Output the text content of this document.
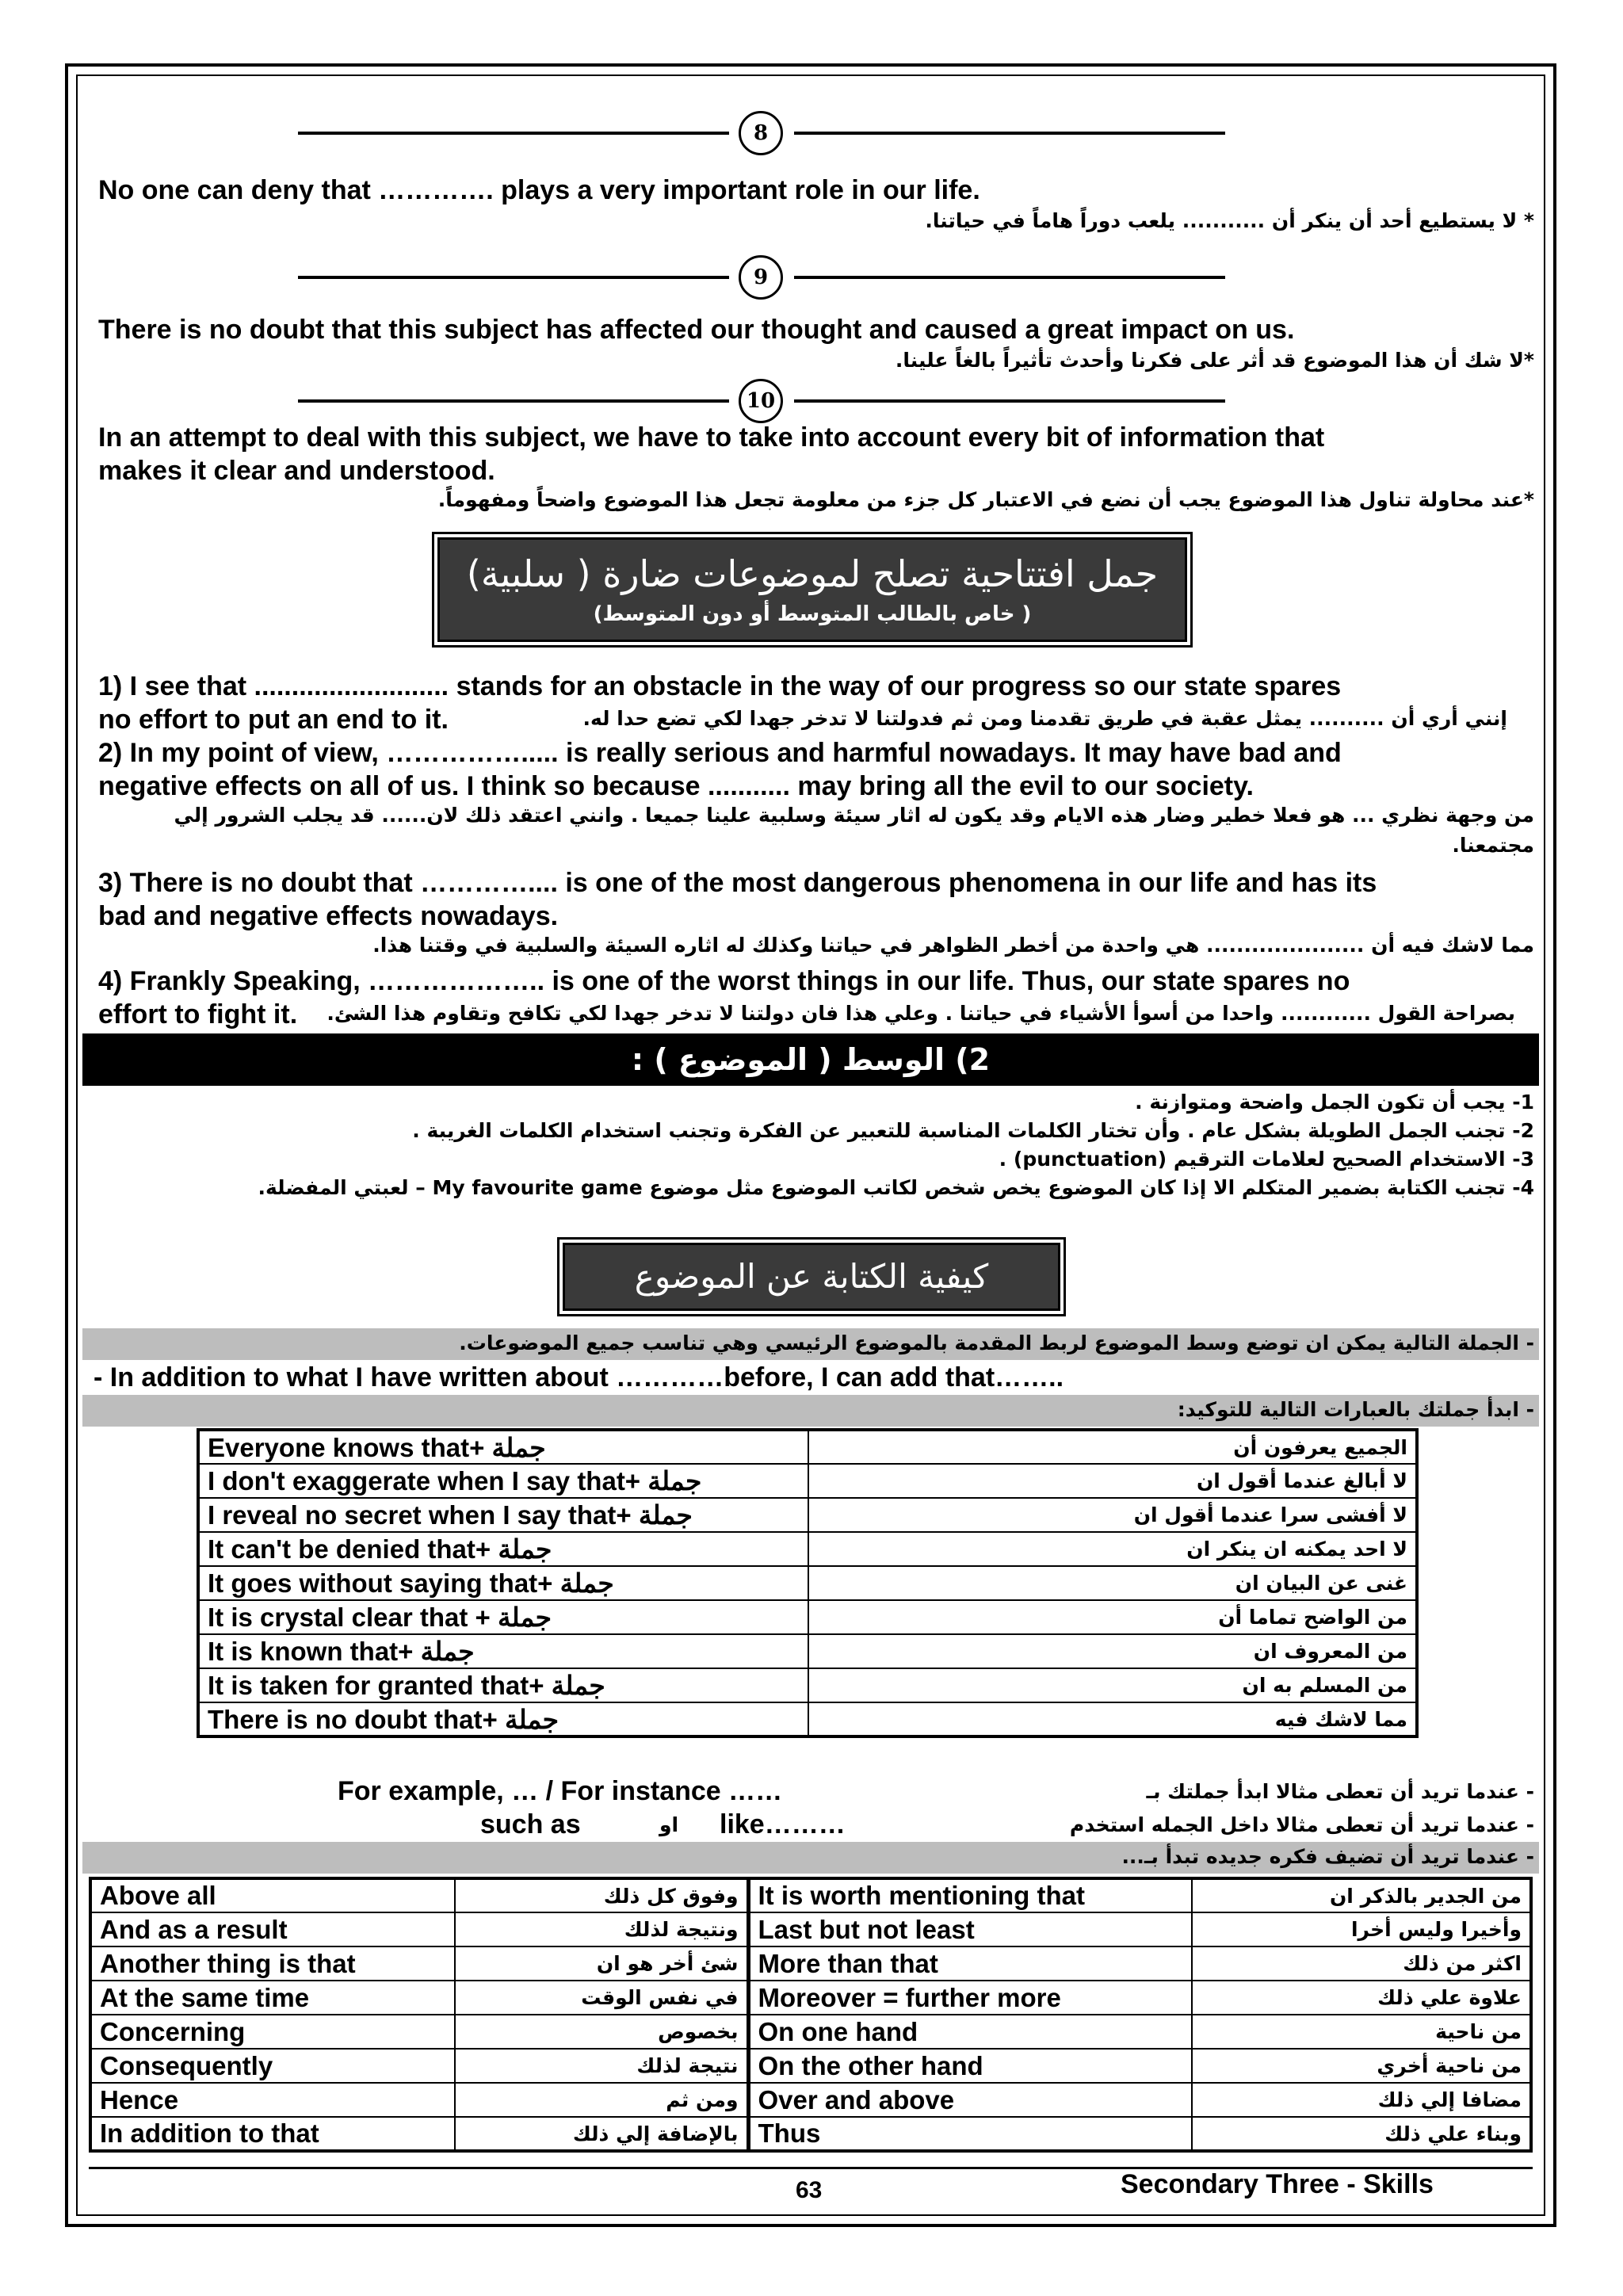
8
No one can deny that …………. plays a very important role in our life.
* لا يستطيع أحد أن ينكر أن ........... يلعب دوراً هاماً في حياتنا.
9
There is no doubt that this subject has affected our thought and caused a great impact on us.
*لا شك أن هذا الموضوع قد أثر على فكرنا وأحدث تأثيراً بالغاً علينا.
10
In an attempt to deal with this subject, we have to take into account every bit of information that
makes it clear and understood.
*عند محاولة تناول هذا الموضوع يجب أن نضع في الاعتبار كل جزء من معلومة تجعل هذا الموضوع واضحاً ومفهوماً.
جمل افتتاحية تصلح لموضوعات ضارة ( سلبية)
( خاص بالطالب المتوسط أو دون المتوسط)
1) I see that .......................... stands for an obstacle in the way of our progress so our state spares
no effort to put an end to it.	إنني أري أن .......... يمثل عقبة في طريق تقدمنا ومن ثم فدولتنا لا تدخر جهدا لكي تضع حدا له.
2) In my point of view, ……………..... is really serious and harmful nowadays. It may have bad and
negative effects on all of us. I think so because ........... may bring all the evil to our society.
من وجهة نظري ... هو فعلا خطير وضار هذه الايام وقد يكون له اثار سيئة وسلبية علينا جميعا . وانني اعتقد ذلك لان...... قد يجلب الشرور إلي
مجتمعنا.
3) There is no doubt that ………….... is one of the most dangerous phenomena in our life and has its
bad and negative effects nowadays.
مما لاشك فيه أن ..................... هي واحدة من أخطر الظواهر في حياتنا وكذلك له اثاره السيئة والسلبية في وقتنا هذا.
4) Frankly Speaking, ……………….. is one of the worst things in our life. Thus, our state spares no
effort to fight it. بصراحة القول ............ واحدا من أسوأ الأشياء في حياتنا . وعلي هذا فان دولتنا لا تدخر جهدا لكي تكافح وتقاوم هذا الشئ.
2) الوسط ( الموضوع ) :
1- يجب أن تكون الجمل واضحة ومتوازنة .
2- تجنب الجمل الطويلة بشكل عام . وأن تختار الكلمات المناسبة للتعبير عن الفكرة وتجنب استخدام الكلمات الغريبة .
3- الاستخدام الصحيح لعلامات الترقيم (punctuation) .
4- تجنب الكتابة بضمير المتكلم الا إذا كان الموضوع يخص شخص لكاتب الموضوع مثل موضوع My favourite game – لعبتي المفضلة.
كيفية الكتابة عن الموضوع
- الجملة التالية يمكن ان توضع وسط الموضوع لربط المقدمة بالموضوع الرئيسي وهي تناسب جميع الموضوعات.
- In addition to what I have written about …………before, I can add that……..
- ابدأ جملتك بالعبارات التالية للتوكيد:
Everyone knows that+ جملة	الجميع يعرفون أن
I don't exaggerate when I say that+ جملة	لا أبالغ عندما أقول ان
I reveal no secret when I say that+ جملة	لا أفشى سرا عندما أقول ان
It can't be denied that+ جملة	لا احد يمكنه ان ينكر ان
It goes without saying that+ جملة	غنى عن البيان ان
It is crystal clear that + جملة	من الواضح تماما أن
It is known that+ جملة	من المعروف ان
It is taken for granted that+ جملة	من المسلم به ان
There is no doubt that+ جملة	مما لاشك فيه
For example, … / For instance ……	- عندما تريد أن تعطى مثالا ابدأ جملتك بـ
such as	او like………	- عندما تريد أن تعطى مثالا داخل الجمله استخدم
- عندما تريد أن تضيف فكره جديده تبدأ بـ...
Above all	وفوق كل ذلك	It is worth mentioning that	من الجدير بالذكر ان
And as a result	ونتيجة لذلك	Last but not least	وأخيرا وليس أخرا
Another thing is that	شئ أخر هو ان	More than that	اكثر من ذلك
At the same time	في نفس الوقت	Moreover = further more	علاوة علي ذلك
Concerning	بخصوص	On one hand	من ناحية
Consequently	نتيجة لذلك	On the other hand	من ناحية أخري
Hence	ومن ثم	Over and above	مضافا إلي ذلك
In addition to that	بالإضافة إلي ذلك	Thus	وبناء علي ذلك
63	Secondary Three - Skills
